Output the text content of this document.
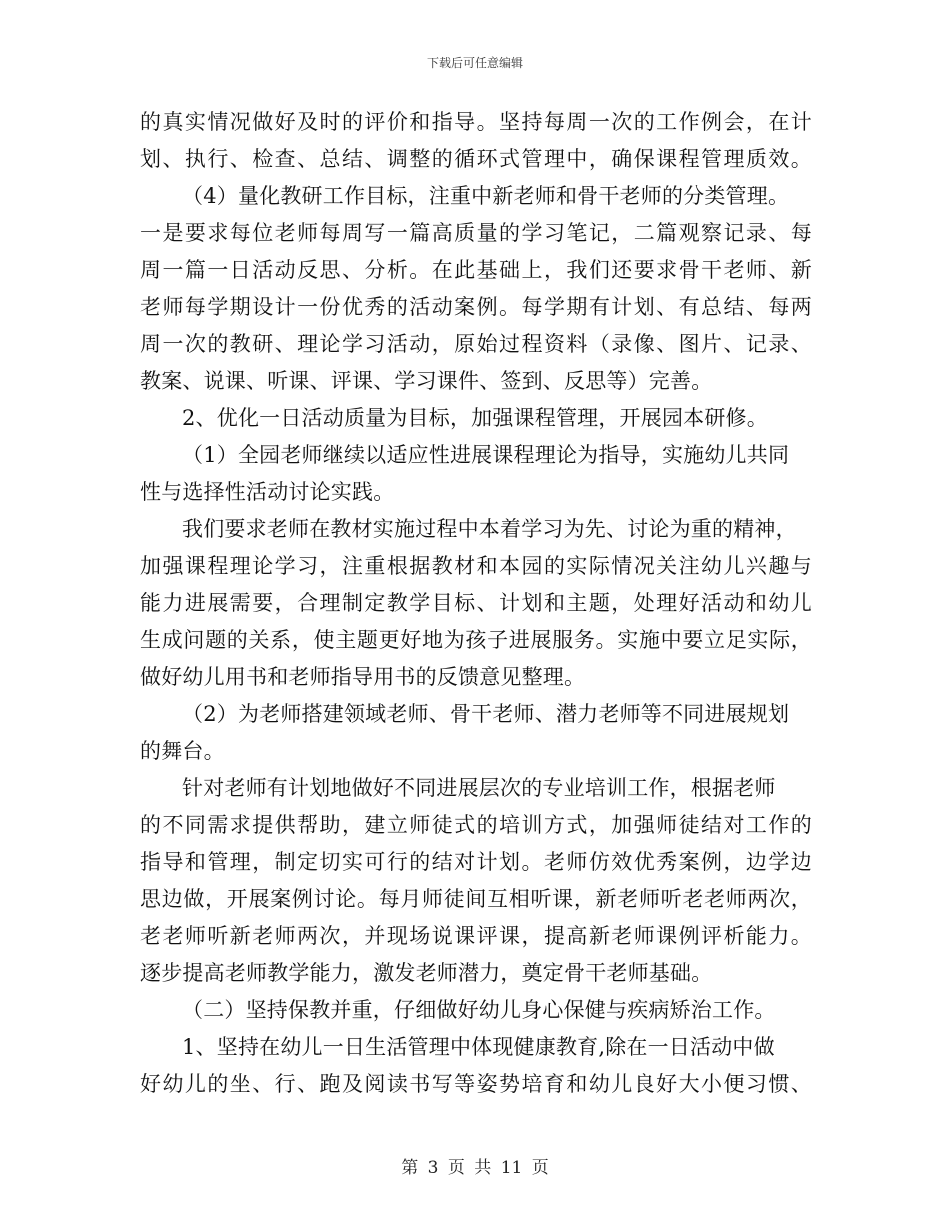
下载后可任意编辑
的真实情况做好及时的评价和指导。坚持每周一次的工作例会，在计
划、执行、检查、总结、调整的循环式管理中，确保课程管理质效。
（4）量化教研工作目标，注重中新老师和骨干老师的分类管理。
一是要求每位老师每周写一篇高质量的学习笔记，二篇观察记录、每
周一篇一日活动反思、分析。在此基础上，我们还要求骨干老师、新
老师每学期设计一份优秀的活动案例。每学期有计划、有总结、每两
周一次的教研、理论学习活动，原始过程资料（录像、图片、记录、
教案、说课、听课、评课、学习课件、签到、反思等）完善。
2、优化一日活动质量为目标，加强课程管理，开展园本研修。
（1）全园老师继续以适应性进展课程理论为指导，实施幼儿共同
性与选择性活动讨论实践。
我们要求老师在教材实施过程中本着学习为先、讨论为重的精神，
加强课程理论学习，注重根据教材和本园的实际情况关注幼儿兴趣与
能力进展需要，合理制定教学目标、计划和主题，处理好活动和幼儿
生成问题的关系，使主题更好地为孩子进展服务。实施中要立足实际，
做好幼儿用书和老师指导用书的反馈意见整理。
（2）为老师搭建领域老师、骨干老师、潜力老师等不同进展规划
的舞台。
针对老师有计划地做好不同进展层次的专业培训工作，根据老师
的不同需求提供帮助，建立师徒式的培训方式，加强师徒结对工作的
指导和管理，制定切实可行的结对计划。老师仿效优秀案例，边学边
思边做，开展案例讨论。每月师徒间互相听课，新老师听老老师两次，
老老师听新老师两次，并现场说课评课，提高新老师课例评析能力。
逐步提高老师教学能力，激发老师潜力，奠定骨干老师基础。
（二）坚持保教并重，仔细做好幼儿身心保健与疾病矫治工作。
1、坚持在幼儿一日生活管理中体现健康教育,除在一日活动中做
好幼儿的坐、行、跑及阅读书写等姿势培育和幼儿良好大小便习惯、
第 3 页 共 11 页
